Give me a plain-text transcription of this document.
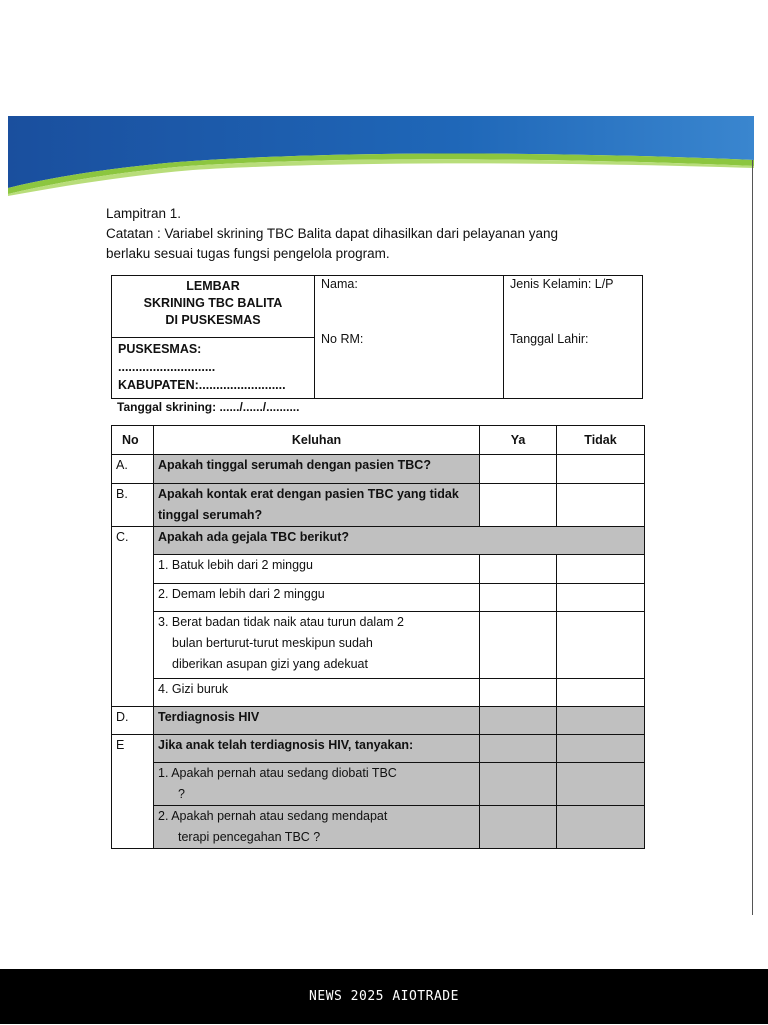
Lampitran 1.
Catatan : Variabel skrining TBC Balita dapat dihasilkan dari pelayanan yang
berlaku sesuai tugas fungsi pengelola program.
LEMBAR
SKRINING TBC BALITA
DI PUSKESMAS
PUSKESMAS:
............................
KABUPATEN:.........................
Nama:
No RM:
Jenis Kelamin: L/P
Tanggal Lahir:
Tanggal skrining: ....../....../..........
No	Keluhan	Ya	Tidak
A.	Apakah tinggal serumah dengan pasien TBC?		
B.	Apakah kontak erat dengan pasien TBC yang tidak tinggal serumah?		
C.	Apakah ada gejala TBC berikut?		
	1. Batuk lebih dari 2 minggu		
	2. Demam lebih dari 2 minggu		

	3. Berat badan tidak naik atau turun dalam 2
bulan berturut-turut meskipun sudah
diberikan asupan gizi yang adekuat		

	4. Gizi buruk		
D.	Terdiagnosis HIV		
E	Jika anak telah terdiagnosis HIV, tanyakan:		

	1. Apakah pernah atau sedang diobati TBC
?		

	2. Apakah pernah atau sedang mendapat
terapi pencegahan TBC ?		

NEWS 2025 AIOTRADE
